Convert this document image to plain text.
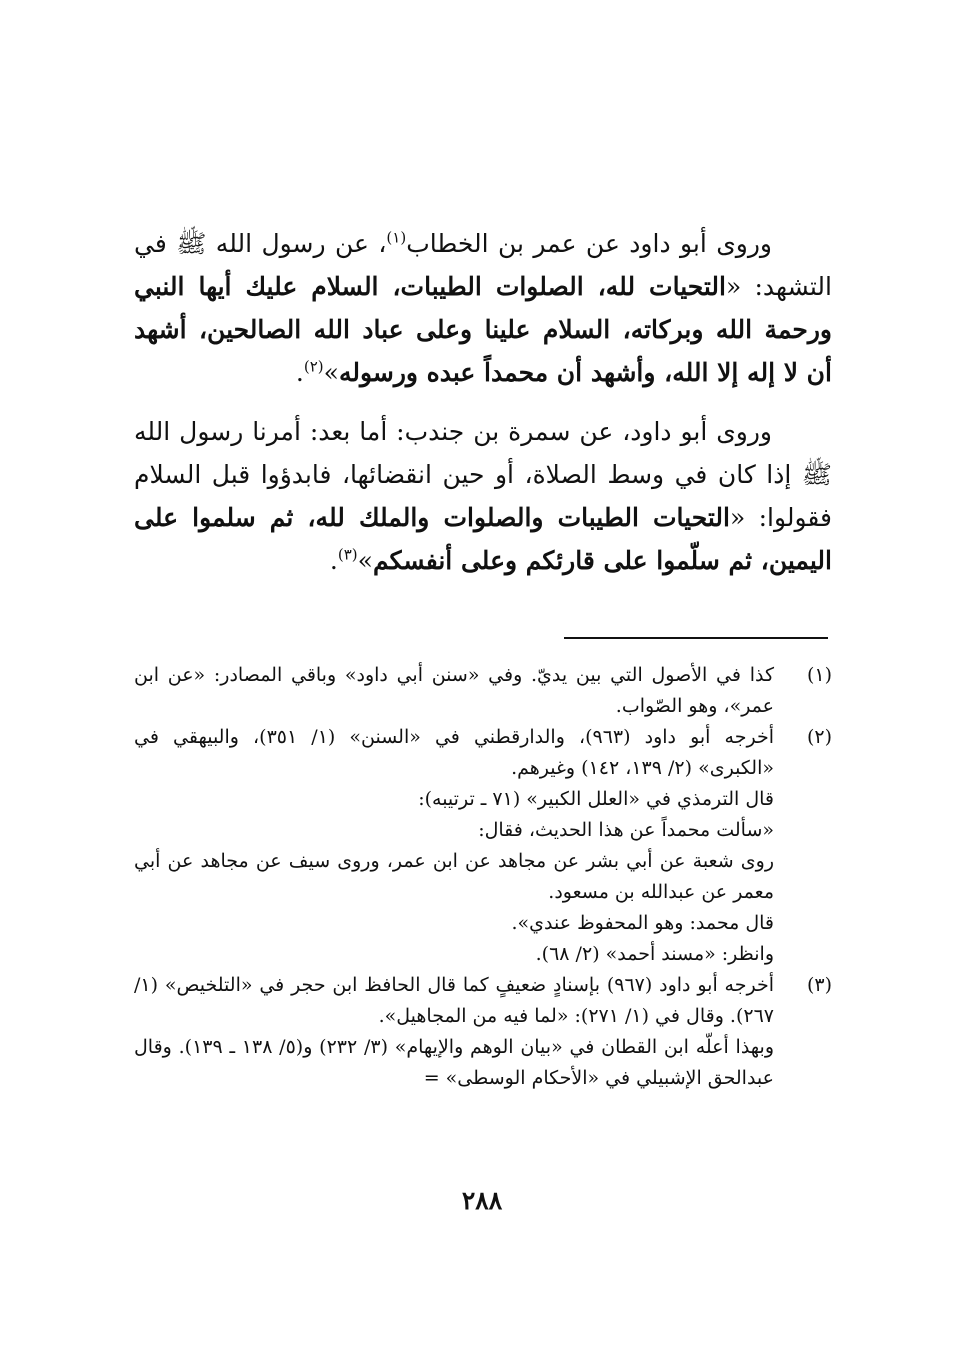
وروى أبو داود عن عمر بن الخطاب$^{(١)}$، عن رسول الله ﷺ في التشهد: «التحيات لله، الصلوات الطيبات، السلام عليك أيها النبي ورحمة الله وبركاته، السلام علينا وعلى عباد الله الصالحين، أشهد أن لا إله إلا الله، وأشهد أن محمداً عبده ورسوله»$^{(٢)}$.

وروى أبو داود، عن سمرة بن جندب: أما بعد: أمرنا رسول الله ﷺ إذا كان في وسط الصلاة، أو حين انقضائها، فابدؤوا قبل السلام فقولوا: «التحيات الطيبات والصلوات والملك لله، ثم سلموا على اليمين، ثم سلّموا على قارئكم وعلى أنفسكم»$^{(٣)}$.

(١)

كذا في الأصول التي بين يديّ. وفي «سنن أبي داود» وباقي المصادر: «عن ابن عمر»، وهو الصّواب.

(٢)

أخرجه أبو داود (٩٦٣)، والدارقطني في «السنن» (١/ ٣٥١)، والبيهقي في «الكبرى» (٢/ ١٣٩، ١٤٢) وغيرهم.

قال الترمذي في «العلل الكبير» (٧١ ـ ترتيبه):

«سألت محمداً عن هذا الحديث، فقال:

روى شعبة عن أبي بشر عن مجاهد عن ابن عمر، وروى سيف عن مجاهد عن أبي معمر عن عبدالله بن مسعود.

قال محمد: وهو المحفوظ عندي».

وانظر: «مسند أحمد» (٢/ ٦٨).

(٣)

أخرجه أبو داود (٩٦٧) بإسنادٍ ضعيفٍ كما قال الحافظ ابن حجر في «التلخيص» (١/ ٢٦٧). وقال في (١/ ٢٧١): «لما فيه من المجاهيل».

وبهذا أعلّه ابن القطان في «بيان الوهم والإيهام» (٣/ ٢٣٢) و(٥/ ١٣٨ ـ ١٣٩). وقال عبدالحق الإشبيلي في «الأحكام الوسطى» =

٢٨٨
